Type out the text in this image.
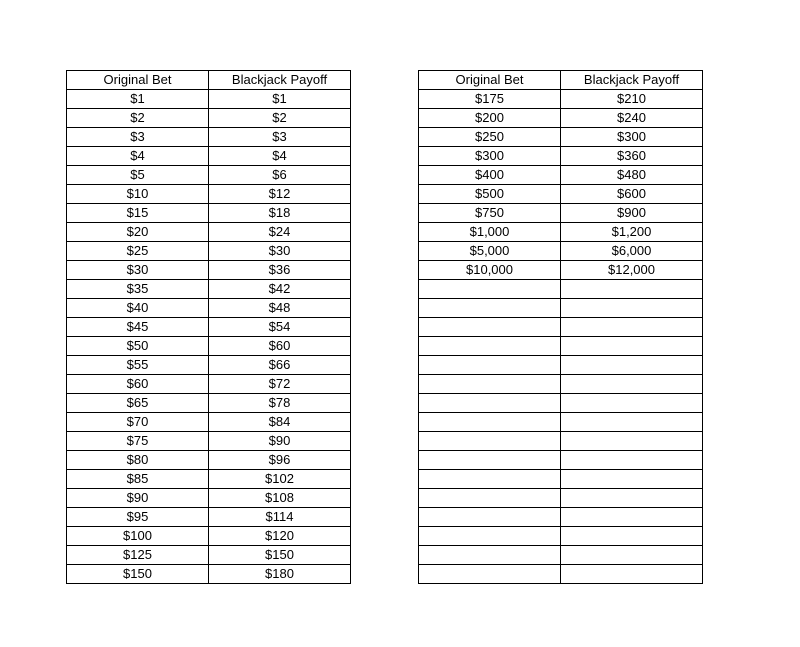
Original Bet	Blackjack Payoff
$1	$1
$2	$2
$3	$3
$4	$4
$5	$6
$10	$12
$15	$18
$20	$24
$25	$30
$30	$36
$35	$42
$40	$48
$45	$54
$50	$60
$55	$66
$60	$72
$65	$78
$70	$84
$75	$90
$80	$96
$85	$102
$90	$108
$95	$114
$100	$120
$125	$150
$150	$180
Original Bet	Blackjack Payoff
$175	$210
$200	$240
$250	$300
$300	$360
$400	$480
$500	$600
$750	$900
$1,000	$1,200
$5,000	$6,000
$10,000	$12,000
